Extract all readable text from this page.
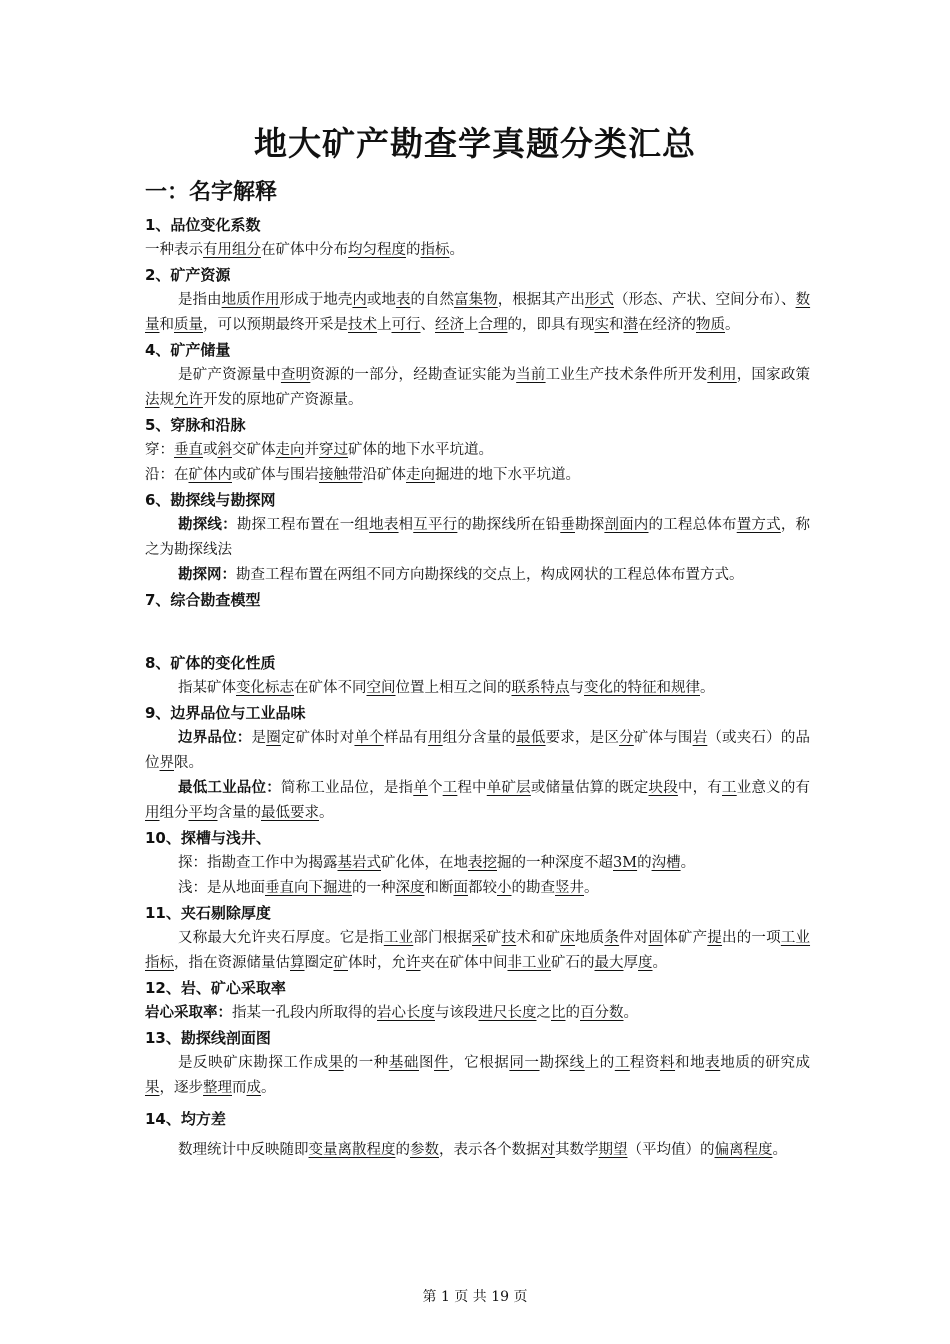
地大矿产勘查学真题分类汇总
一：名字解释
1、品位变化系数
一种表示有用组分在矿体中分布均匀程度的指标。
2、矿产资源
是指由地质作用形成于地壳内或地表的自然富集物，根据其产出形式（形态、产状、空间分布）、数量和质量，可以预期最终开采是技术上可行、经济上合理的，即具有现实和潜在经济的物质。
4、矿产储量
是矿产资源量中查明资源的一部分，经勘查证实能为当前工业生产技术条件所开发利用，国家政策法规允许开发的原地矿产资源量。
5、穿脉和沿脉
穿：垂直或斜交矿体走向并穿过矿体的地下水平坑道。
沿：在矿体内或矿体与围岩接触带沿矿体走向掘进的地下水平坑道。
6、勘探线与勘探网
勘探线：勘探工程布置在一组地表相互平行的勘探线所在铅垂勘探剖面内的工程总体布置方式，称之为勘探线法
勘探网：勘查工程布置在两组不同方向勘探线的交点上，构成网状的工程总体布置方式。
7、综合勘查模型
8、矿体的变化性质
指某矿体变化标志在矿体不同空间位置上相互之间的联系特点与变化的特征和规律。
9、边界品位与工业品味
边界品位：是圈定矿体时对单个样品有用组分含量的最低要求，是区分矿体与围岩（或夹石）的品位界限。
最低工业品位：简称工业品位，是指单个工程中单矿层或储量估算的既定块段中，有工业意义的有用组分平均含量的最低要求。
10、探槽与浅井、
探：指勘查工作中为揭露基岩式矿化体，在地表挖掘的一种深度不超3M的沟槽。
浅：是从地面垂直向下掘进的一种深度和断面都较小的勘查竖井。
11、夹石剔除厚度
又称最大允许夹石厚度。它是指工业部门根据采矿技术和矿床地质条件对固体矿产提出的一项工业指标，指在资源储量估算圈定矿体时，允许夹在矿体中间非工业矿石的最大厚度。
12、岩、矿心采取率
岩心采取率：指某一孔段内所取得的岩心长度与该段进尺长度之比的百分数。
13、勘探线剖面图
是反映矿床勘探工作成果的一种基础图件，它根据同一勘探线上的工程资料和地表地质的研究成果，逐步整理而成。
14、均方差
数理统计中反映随即变量离散程度的参数，表示各个数据对其数学期望（平均值）的偏离程度。
第 1 页 共 19 页
